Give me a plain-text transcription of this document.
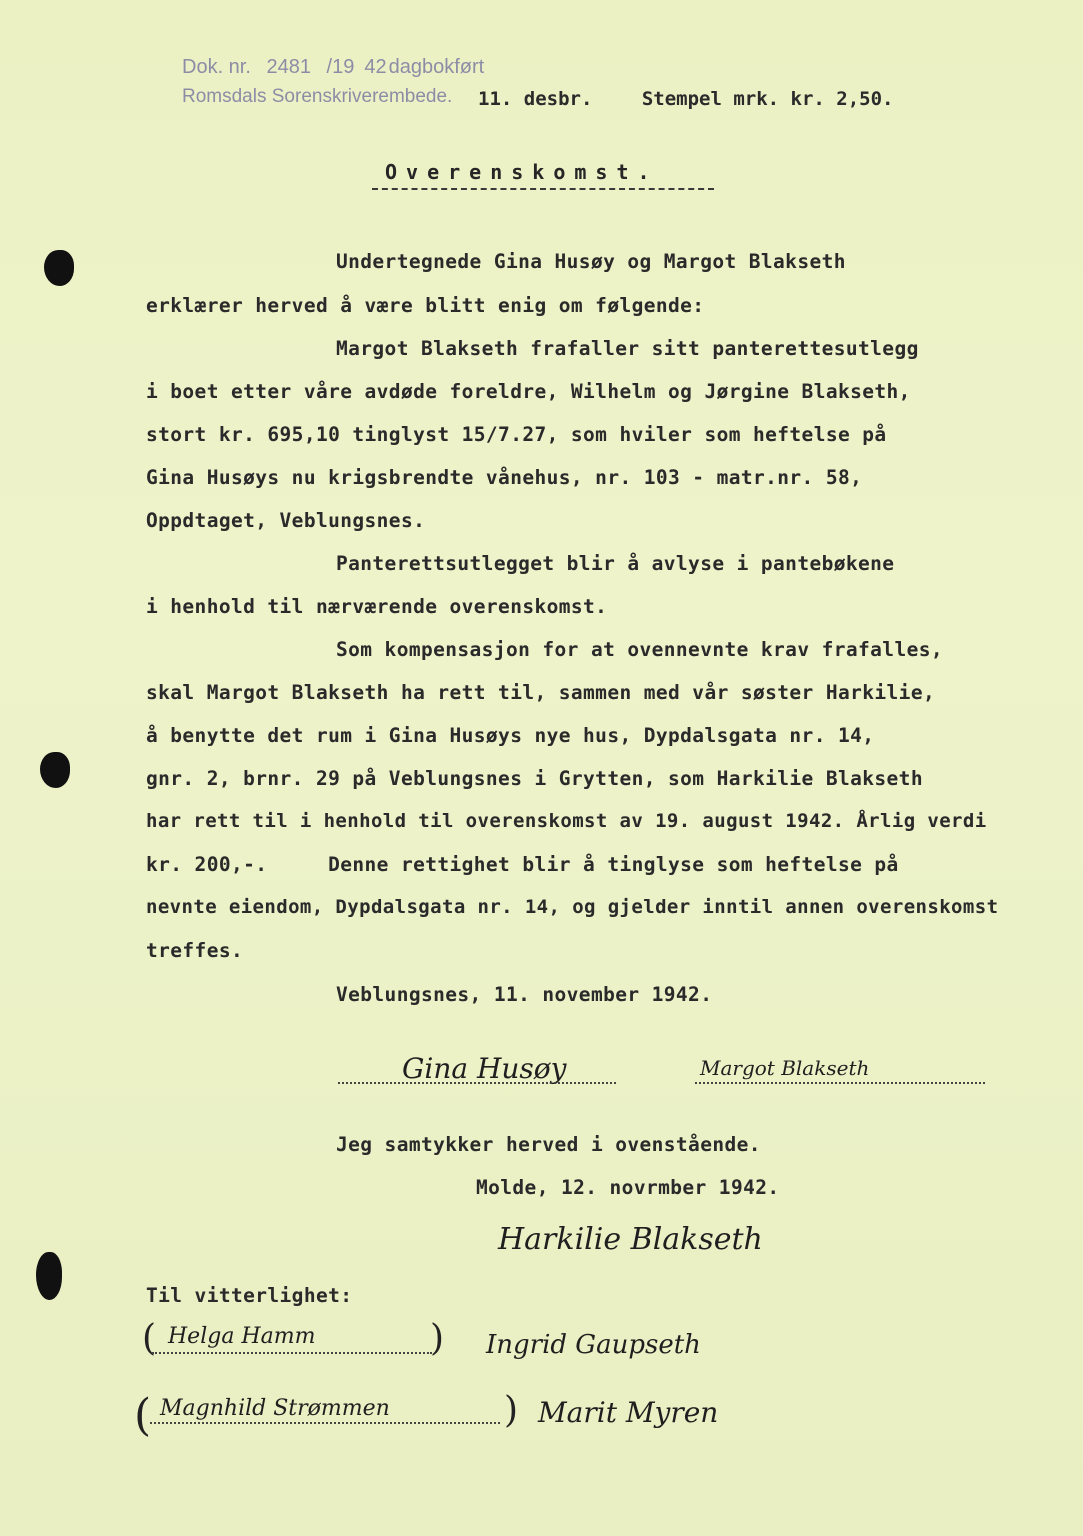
Dok. nr. 2481 /19 42 dagbokført
Romsdals Sorenskriverembede.	11. desbr.	Stempel mrk. kr. 2,50.
Overenskomst.
Undertegnede Gina Husøy og Margot Blakseth
erklærer herved å være blitt enig om følgende:
Margot Blakseth frafaller sitt panterettesutlegg
i boet etter våre avdøde foreldre, Wilhelm og Jørgine Blakseth,
stort kr. 695,10 tinglyst 15/7.27, som hviler som heftelse på
Gina Husøys nu krigsbrendte vånehus, nr. 103 - matr.nr. 58,
Oppdtaget, Veblungsnes.
Panterettsutlegget blir å avlyse i pantebøkene
i henhold til nærværende overenskomst.
Som kompensasjon for at ovennevnte krav frafalles,
skal Margot Blakseth ha rett til, sammen med vår søster Harkilie,
å benytte det rum i Gina Husøys nye hus, Dypdalsgata nr. 14,
gnr. 2, brnr. 29 på Veblungsnes i Grytten, som Harkilie Blakseth
har rett til i henhold til overenskomst av 19. august 1942. Årlig verdi
kr. 200,-.     Denne rettighet blir å tinglyse som heftelse på
nevnte eiendom, Dypdalsgata nr. 14, og gjelder inntil annen overenskomst
treffes.
Veblungsnes, 11. november 1942.
Gina Husøy	Margot Blakseth
Jeg samtykker herved i ovenstående.
Molde, 12. novrmber 1942.
Harkilie Blakseth
Til vitterlighet:
( Helga Hamm	) Ingrid Gaupseth
( Magnhild Strømmen	) Marit Myren
